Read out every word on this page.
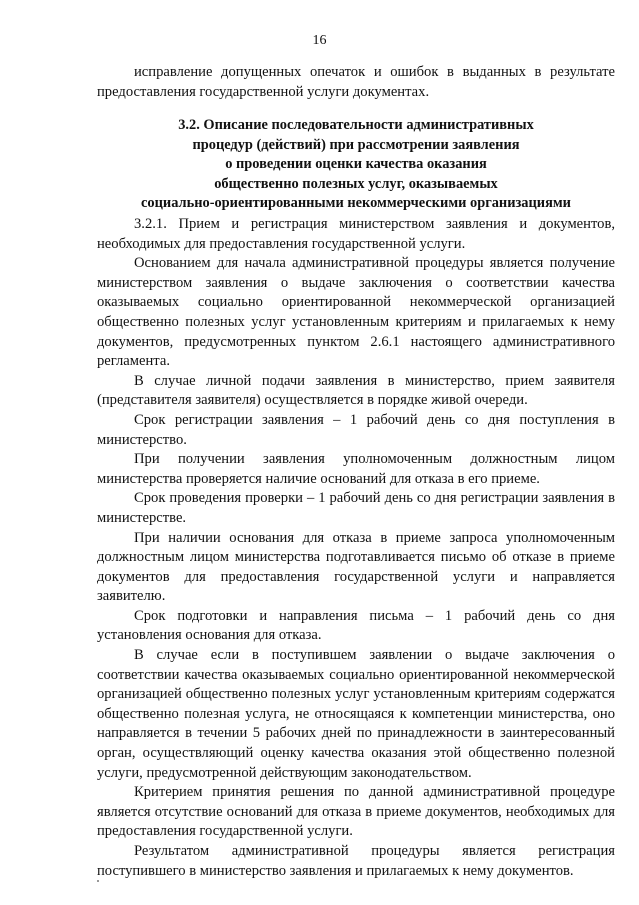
16

исправление допущенных опечаток и ошибок в выданных в результате предоставления государственной услуги документах.

3.2. Описание последовательности административных
процедур (действий) при рассмотрении заявления
о проведении оценки качества оказания
общественно полезных услуг, оказываемых
социально-ориентированными некоммерческими организациями

3.2.1. Прием и регистрация министерством заявления и документов, необходимых для предоставления государственной услуги.

Основанием для начала административной процедуры является получение министерством заявления о выдаче заключения о соответствии качества оказываемых социально ориентированной некоммерческой организацией общественно полезных услуг установленным критериям и прилагаемых к нему документов, предусмотренных пунктом 2.6.1 настоящего административного регламента.

В случае личной подачи заявления в министерство, прием заявителя (представителя заявителя) осуществляется в порядке живой очереди.

Срок регистрации заявления – 1 рабочий день со дня поступления в министерство.

При получении заявления уполномоченным должностным лицом министерства проверяется наличие оснований для отказа в его приеме.

Срок проведения проверки – 1 рабочий день со дня регистрации заявления в министерстве.

При наличии основания для отказа в приеме запроса уполномоченным должностным лицом министерства подготавливается письмо об отказе в приеме документов для предоставления государственной услуги и направляется заявителю.

Срок подготовки и направления письма – 1 рабочий день со дня установления основания для отказа.

В случае если в поступившем заявлении о выдаче заключения о соответствии качества оказываемых социально ориентированной некоммерческой организацией общественно полезных услуг установленным критериям содержатся общественно полезная услуга, не относящаяся к компетенции министерства, оно направляется в течении 5 рабочих дней по принадлежности в заинтересованный орган, осуществляющий оценку качества оказания этой общественно полезной услуги, предусмотренной действующим законодательством.

Критерием принятия решения по данной административной процедуре является отсутствие оснований для отказа в приеме документов, необходимых для предоставления государственной услуги.

Результатом административной процедуры является регистрация поступившего в министерство заявления и прилагаемых к нему документов.
